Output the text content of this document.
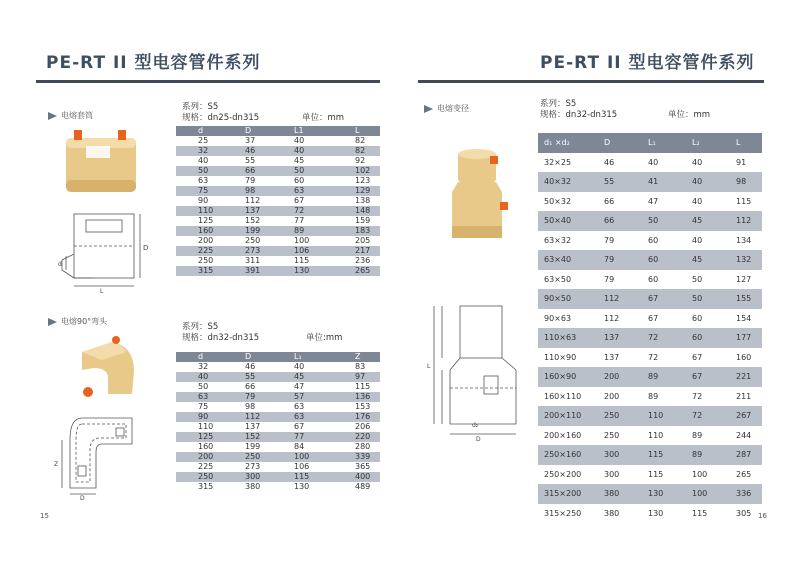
PE-RT II 型电容管件系列
电熔套筒
D
d
L
系列：S5
规格：dn25-dn315	单位：mm
d	D	L1	L
25	37	40	82
32	46	40	82
40	55	45	92
50	66	50	102
63	79	60	123
75	98	63	129
90	112	67	138
110	137	72	148
125	152	77	159
160	199	89	183
200	250	100	205
225	273	106	217
250	311	115	236
315	391	130	265
电熔90°弯头
Z
D
系列：S5
规格：dn32-dn315	单位:mm
d	D	L₁	Z
32	46	40	83
40	55	45	97
50	66	47	115
63	79	57	136
75	98	63	153
90	112	63	176
110	137	67	206
125	152	77	220
160	199	84	280
200	250	100	339
225	273	106	365
250	300	115	400
315	380	130	489
15
PE-RT II 型电容管件系列
电熔变径
L
d₂
D
系列：S5
规格：dn32-dn315	单位：mm
d₁ ×d₂	D	L₁	L₂	L
32×25	46	40	40	91
40×32	55	41	40	98
50×32	66	47	40	115
50×40	66	50	45	112
63×32	79	60	40	134
63×40	79	60	45	132
63×50	79	60	50	127
90×50	112	67	50	155
90×63	112	67	60	154
110×63	137	72	60	177
110×90	137	72	67	160
160×90	200	89	67	221
160×110	200	89	72	211
200×110	250	110	72	267
200×160	250	110	89	244
250×160	300	115	89	287
250×200	300	115	100	265
315×200	380	130	100	336
315×250	380	130	115	305 16
